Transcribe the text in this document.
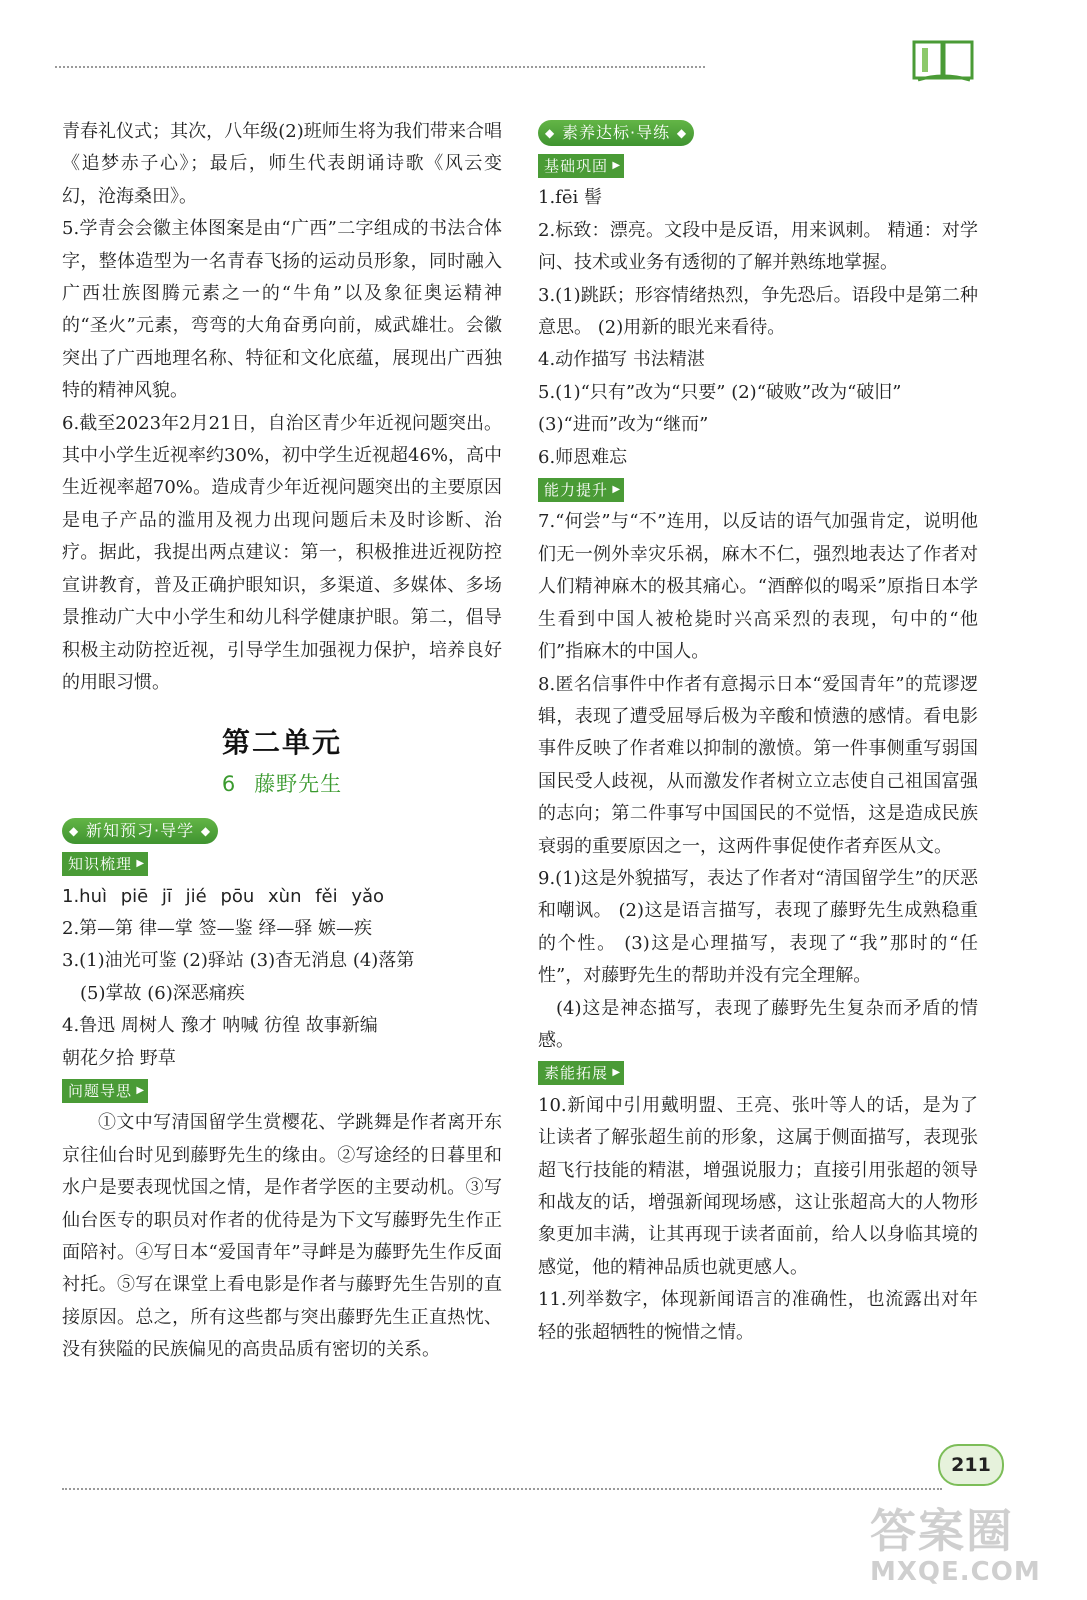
青春礼仪式；其次，八年级(2)班师生将为我们带来合唱《追梦赤子心》；最后，师生代表朗诵诗歌《风云变幻，沧海桑田》。

5.学青会会徽主体图案是由“广西”二字组成的书法合体字，整体造型为一名青春飞扬的运动员形象，同时融入广西壮族图腾元素之一的“牛角”以及象征奥运精神的“圣火”元素，弯弯的大角奋勇向前，威武雄壮。会徽突出了广西地理名称、特征和文化底蕴，展现出广西独特的精神风貌。

6.截至2023年2月21日，自治区青少年近视问题突出。其中小学生近视率约30%，初中学生近视超46%，高中生近视率超70%。造成青少年近视问题突出的主要原因是电子产品的滥用及视力出现问题后未及时诊断、治疗。据此，我提出两点建议：第一，积极推进近视防控宣讲教育，普及正确护眼知识，多渠道、多媒体、多场景推动广大中小学生和幼儿科学健康护眼。第二，倡导积极主动防控近视，引导学生加强视力保护，培养良好的用眼习惯。

第二单元
6 藤野先生
◆ 新知预习·导学 ◆
知识梳理 ▶

1.huì piē jī jié pōu xùn fěi yǎo

2.第—第 律—掌 签—鉴 绎—驿 嫉—疾

3.(1)油光可鉴 (2)驿站 (3)杳无消息 (4)落第

(5)掌故 (6)深恶痛疾

4.鲁迅 周树人 豫才 呐喊 彷徨 故事新编

朝花夕拾 野草

问题导思 ▶

①文中写清国留学生赏樱花、学跳舞是作者离开东京往仙台时见到藤野先生的缘由。②写途经的日暮里和水户是要表现忧国之情，是作者学医的主要动机。③写仙台医专的职员对作者的优待是为下文写藤野先生作正面陪衬。④写日本“爱国青年”寻衅是为藤野先生作反面衬托。⑤写在课堂上看电影是作者与藤野先生告别的直接原因。总之，所有这些都与突出藤野先生正直热忱、没有狭隘的民族偏见的高贵品质有密切的关系。

◆ 素养达标·导练 ◆
基础巩固 ▶

1.fēi 髻

2.标致：漂亮。文段中是反语，用来讽刺。 精通：对学问、技术或业务有透彻的了解并熟练地掌握。

3.(1)跳跃；形容情绪热烈，争先恐后。语段中是第二种意思。 (2)用新的眼光来看待。

4.动作描写 书法精湛

5.(1)“只有”改为“只要” (2)“破败”改为“破旧”

(3)“进而”改为“继而”

6.师恩难忘

能力提升 ▶

7.“何尝”与“不”连用，以反诘的语气加强肯定，说明他们无一例外幸灾乐祸，麻木不仁，强烈地表达了作者对人们精神麻木的极其痛心。“酒醉似的喝采”原指日本学生看到中国人被枪毙时兴高采烈的表现，句中的“他们”指麻木的中国人。

8.匿名信事件中作者有意揭示日本“爱国青年”的荒谬逻辑，表现了遭受屈辱后极为辛酸和愤懑的感情。看电影事件反映了作者难以抑制的激愤。第一件事侧重写弱国国民受人歧视，从而激发作者树立立志使自己祖国富强的志向；第二件事写中国国民的不觉悟，这是造成民族衰弱的重要原因之一，这两件事促使作者弃医从文。

9.(1)这是外貌描写，表达了作者对“清国留学生”的厌恶和嘲讽。 (2)这是语言描写，表现了藤野先生成熟稳重的个性。 (3)这是心理描写，表现了“我”那时的“任性”，对藤野先生的帮助并没有完全理解。

(4)这是神态描写，表现了藤野先生复杂而矛盾的情感。

素能拓展 ▶

10.新闻中引用戴明盟、王亮、张叶等人的话，是为了让读者了解张超生前的形象，这属于侧面描写，表现张超飞行技能的精湛，增强说服力；直接引用张超的领导和战友的话，增强新闻现场感，这让张超高大的人物形象更加丰满，让其再现于读者面前，给人以身临其境的感觉，他的精神品质也就更感人。

11.列举数字，体现新闻语言的准确性，也流露出对年轻的张超牺牲的惋惜之情。

211
答案圈
MXQE.COM
